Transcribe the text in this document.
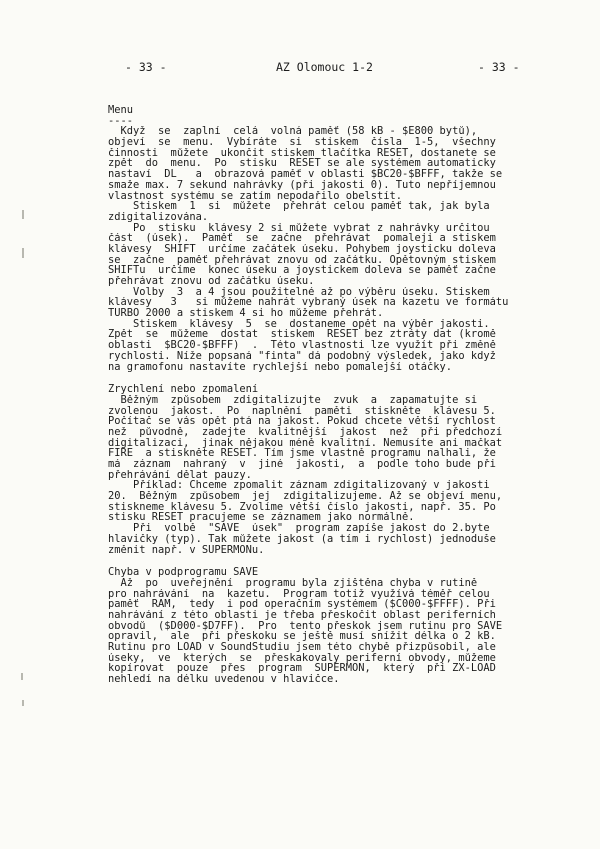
- 33 -	AZ Olomouc 1-2	- 33 -
Menu
----
Když  se  zaplní  celá  volná paměť (58 kB - $E800 bytů),
objeví  se  menu.  Vybíráte  si  stiskem  čísla  1-5,  všechny
činnosti  můžete  ukončit stiskem tlačítka RESET, dostanete se
zpět  do  menu.  Po  stisku  RESET se ale systémem automaticky
nastaví  DL   a  obrazová paměť v oblasti $BC20-$BFFF, takže se
smaže max. 7 sekund nahrávky (při jakosti 0). Tuto nepříjemnou
vlastnost systému se zatím nepodařilo obelstít.
Stiskem  1  si  můžete  přehrát celou paměť tak, jak byla
zdigitalizována.
Po  stisku  klávesy 2 si můžete vybrat z nahrávky určitou
část  (úsek).  Paměť  se  začne  přehrávat  pomaleji a stiskem
klávesy  SHIFT  určíme začátek úseku. Pohybem joysticku doleva
se  začne  paměť přehrávat znovu od začátku. Opětovným stiskem
SHIFTu  určíme  konec úseku a joystickem doleva se paměť začne
přehrávat znovu od začátku úseku.
Volby  3  a 4 jsou použitelné až po výběru úseku. Stiskem
klávesy   3   si můžeme nahrát vybraný úsek na kazetu ve formátu
TURBO 2000 a stiskem 4 si ho můžeme přehrát.
Stiskem  klávesy  5  se  dostaneme opět na výběr jakosti.
Zpět  se  můžeme  dostat  stiskem  RESET bez ztráty dat (kromě
oblasti  $BC20-$BFFF)  .  Této vlastnosti lze využít při změně
rychlosti. Níže popsaná "finta" dá podobný výsledek, jako když
na gramofonu nastavíte rychlejší nebo pomalejší otáčky.
Zrychlení nebo zpomalení
Běžným  způsobem  zdigitalizujte  zvuk  a  zapamatujte si
zvolenou  jakost.  Po  naplnění  paměti  stiskněte  klávesu 5.
Počítač se vás opět ptá na jakost. Pokud chcete větší rychlost
než  původně,  zadejte  kvalitnější  jakost  než  při předchozí
digitalizaci,  jinak nějakou méně kvalitní. Nemusíte ani mačkat
FIRE  a stiskněte RESET. Tím jsme vlastně programu nalhali, že
má  záznam  nahraný  v  jiné  jakosti,  a  podle toho bude při
přehrávání dělat pauzy.
Příklad: Chceme zpomalit záznam zdigitalizovaný v jakosti
20.  Běžným  způsobem  jej  zdigitalizujeme. Až se objeví menu,
stiskneme klávesu 5. Zvolíme větší číslo jakosti, např. 35. Po
stisku RESET pracujeme se záznamem jako normálně.
Při  volbě  "SAVE  úsek"  program zapíše jakost do 2.byte
hlavičky (typ). Tak můžete jakost (a tím i rychlost) jednoduše
změnit např. v SUPERMONu.
Chyba v podprogramu SAVE
Až  po  uveřejnění  programu byla zjištěna chyba v rutině
pro nahrávání  na  kazetu.  Program totiž využívá téměř celou
paměť  RAM,  tedy  i pod operačním systémem ($C000-$FFFF). Při
nahrávání z této oblasti je třeba přeskočit oblast periferních
obvodů  ($D000-$D7FF).  Pro  tento přeskok jsem rutinu pro SAVE
opravil,  ale  při přeskoku se ještě musí snížit délka o 2 kB.
Rutinu pro LOAD v SoundStudiu jsem této chybě přizpůsobil, ale
úseky,  ve  kterých  se  přeskakovaly periferní obvody, můžeme
kopírovat  pouze  přes  program  SUPERMON,  který  při ZX-LOAD
nehledí na délku uvedenou v hlavičce.
